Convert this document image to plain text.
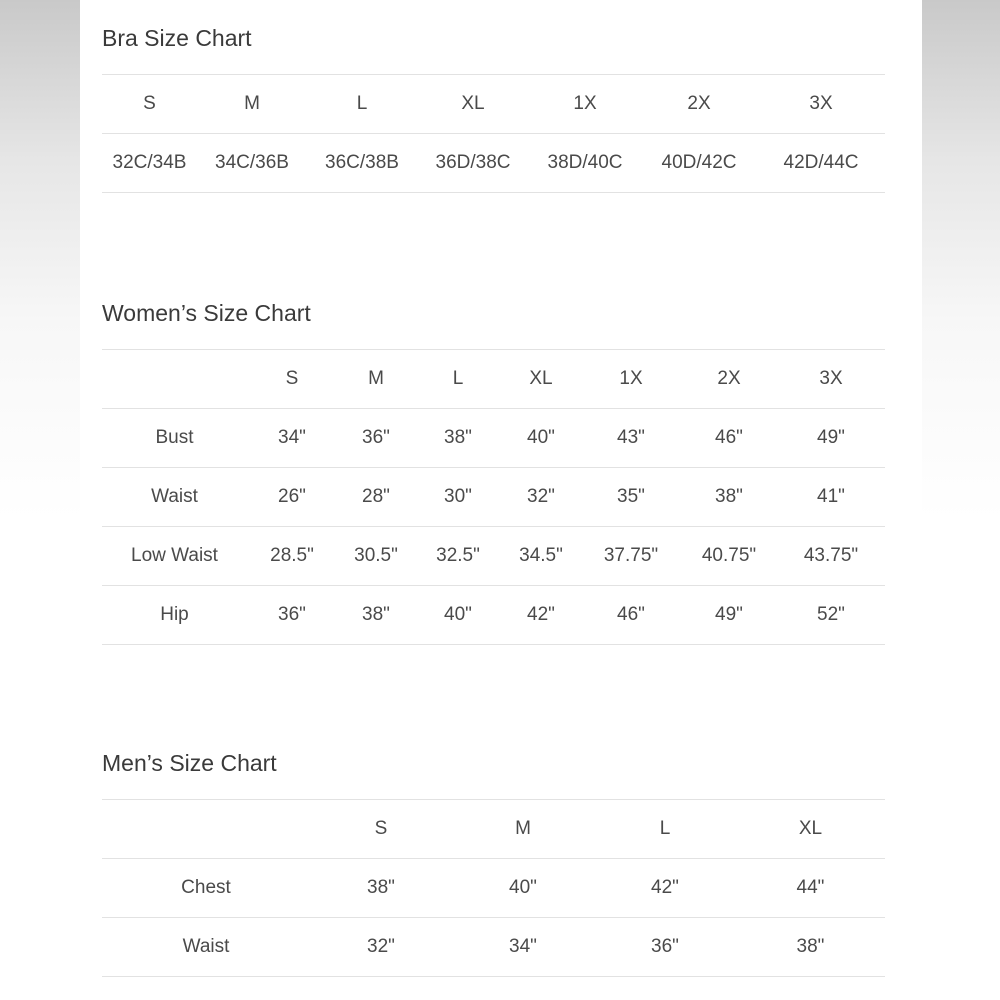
Bra Size Chart
S	M	L	XL	1X	2X	3X
32C/34B	34C/36B	36C/38B	36D/38C	38D/40C	40D/42C	42D/44C
Women’s Size Chart
	S	M	L	XL	1X	2X	3X
Bust	34"	36"	38"	40"	43"	46"	49"
Waist	26"	28"	30"	32"	35"	38"	41"
Low Waist	28.5"	30.5"	32.5"	34.5"	37.75"	40.75"	43.75"
Hip	36"	38"	40"	42"	46"	49"	52"
Men’s Size Chart
	S	M	L	XL
Chest	38"	40"	42"	44"
Waist	32"	34"	36"	38"
